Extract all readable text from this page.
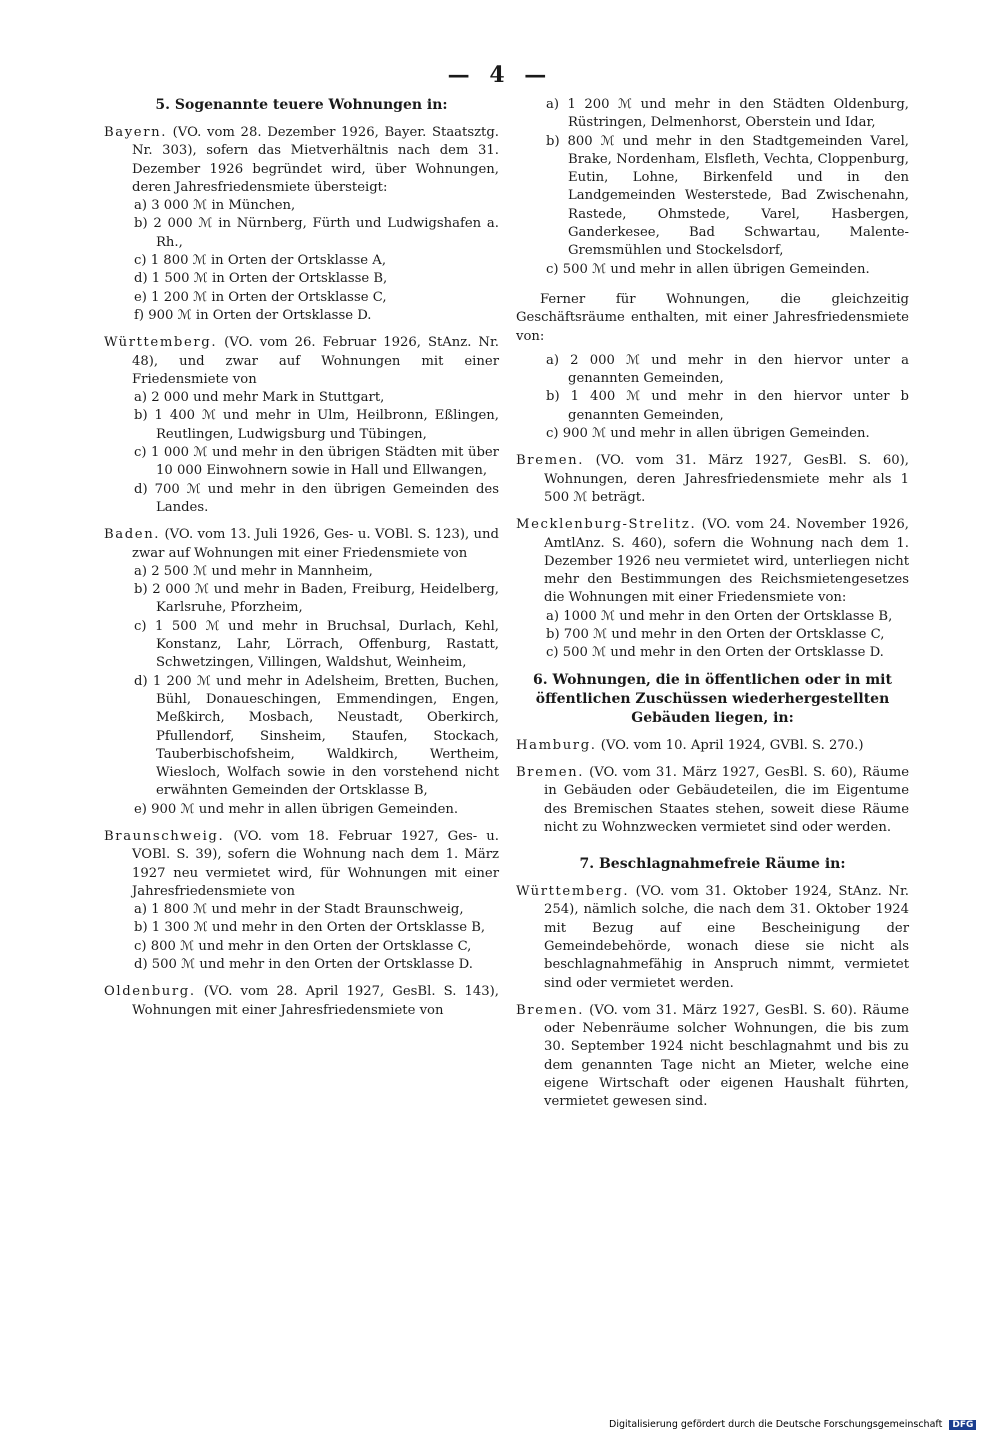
— 4 —
5. Sogenannte teuere Wohnungen in:

Bayern. (VO. vom 28. Dezember 1926, Bayer. Staatsztg. Nr. 303), sofern das Mietverhältnis nach dem 31. Dezember 1926 begründet wird, über Wohnungen, deren Jahresfriedensmiete übersteigt:

a) 3 000 ℳ in München,
b) 2 000 ℳ in Nürnberg, Fürth und Ludwigshafen a. Rh.,
c) 1 800 ℳ in Orten der Ortsklasse A,
d) 1 500 ℳ in Orten der Ortsklasse B,
e) 1 200 ℳ in Orten der Ortsklasse C,
f) 900 ℳ in Orten der Ortsklasse D.

Württemberg. (VO. vom 26. Februar 1926, StAnz. Nr. 48), und zwar auf Wohnungen mit einer Friedensmiete von

a) 2 000 und mehr Mark in Stuttgart,
b) 1 400 ℳ und mehr in Ulm, Heilbronn, Eßlingen, Reutlingen, Ludwigsburg und Tübingen,
c) 1 000 ℳ und mehr in den übrigen Städten mit über 10 000 Einwohnern sowie in Hall und Ellwangen,
d) 700 ℳ und mehr in den übrigen Gemeinden des Landes.

Baden. (VO. vom 13. Juli 1926, Ges- u. VOBl. S. 123), und zwar auf Wohnungen mit einer Friedensmiete von

a) 2 500 ℳ und mehr in Mannheim,
b) 2 000 ℳ und mehr in Baden, Freiburg, Heidelberg, Karlsruhe, Pforzheim,
c) 1 500 ℳ und mehr in Bruchsal, Durlach, Kehl, Konstanz, Lahr, Lörrach, Offenburg, Rastatt, Schwetzingen, Villingen, Waldshut, Weinheim,
d) 1 200 ℳ und mehr in Adelsheim, Bretten, Buchen, Bühl, Donaueschingen, Emmendingen, Engen, Meßkirch, Mosbach, Neustadt, Oberkirch, Pfullendorf, Sinsheim, Staufen, Stockach, Tauberbischofsheim, Waldkirch, Wertheim, Wiesloch, Wolfach sowie in den vorstehend nicht erwähnten Gemeinden der Ortsklasse B,
e) 900 ℳ und mehr in allen übrigen Gemeinden.

Braunschweig. (VO. vom 18. Februar 1927, Ges- u. VOBl. S. 39), sofern die Wohnung nach dem 1. März 1927 neu vermietet wird, für Wohnungen mit einer Jahresfriedensmiete von

a) 1 800 ℳ und mehr in der Stadt Braunschweig,
b) 1 300 ℳ und mehr in den Orten der Ortsklasse B,
c) 800 ℳ und mehr in den Orten der Ortsklasse C,
d) 500 ℳ und mehr in den Orten der Ortsklasse D.

Oldenburg. (VO. vom 28. April 1927, GesBl. S. 143), Wohnungen mit einer Jahresfriedensmiete von

a) 1 200 ℳ und mehr in den Städten Oldenburg, Rüstringen, Delmenhorst, Oberstein und Idar,
b) 800 ℳ und mehr in den Stadtgemeinden Varel, Brake, Nordenham, Elsfleth, Vechta, Cloppenburg, Eutin, Lohne, Birkenfeld und in den Landgemeinden Westerstede, Bad Zwischenahn, Rastede, Ohmstede, Varel, Hasbergen, Ganderkesee, Bad Schwartau, Malente-Gremsmühlen und Stockelsdorf,
c) 500 ℳ und mehr in allen übrigen Gemeinden.

Ferner für Wohnungen, die gleichzeitig Geschäftsräume enthalten, mit einer Jahresfriedensmiete von:

a) 2 000 ℳ und mehr in den hiervor unter a genannten Gemeinden,
b) 1 400 ℳ und mehr in den hiervor unter b genannten Gemeinden,
c) 900 ℳ und mehr in allen übrigen Gemeinden.

Bremen. (VO. vom 31. März 1927, GesBl. S. 60), Wohnungen, deren Jahresfriedensmiete mehr als 1 500 ℳ beträgt.

Mecklenburg-Strelitz. (VO. vom 24. November 1926, AmtlAnz. S. 460), sofern die Wohnung nach dem 1. Dezember 1926 neu vermietet wird, unterliegen nicht mehr den Bestimmungen des Reichsmietengesetzes die Wohnungen mit einer Friedensmiete von:

a) 1000 ℳ und mehr in den Orten der Ortsklasse B,
b) 700 ℳ und mehr in den Orten der Ortsklasse C,
c) 500 ℳ und mehr in den Orten der Ortsklasse D.
6. Wohnungen, die in öffentlichen oder in mit öffentlichen Zuschüssen wiederhergestellten Gebäuden liegen, in:

Hamburg. (VO. vom 10. April 1924, GVBl. S. 270.)

Bremen. (VO. vom 31. März 1927, GesBl. S. 60), Räume in Gebäuden oder Gebäudeteilen, die im Eigentume des Bremischen Staates stehen, soweit diese Räume nicht zu Wohnzwecken vermietet sind oder werden.

7. Beschlagnahmefreie Räume in:

Württemberg. (VO. vom 31. Oktober 1924, StAnz. Nr. 254), nämlich solche, die nach dem 31. Oktober 1924 mit Bezug auf eine Bescheinigung der Gemeindebehörde, wonach diese sie nicht als beschlagnahmefähig in Anspruch nimmt, vermietet sind oder vermietet werden.

Bremen. (VO. vom 31. März 1927, GesBl. S. 60). Räume oder Nebenräume solcher Wohnungen, die bis zum 30. September 1924 nicht beschlagnahmt und bis zu dem genannten Tage nicht an Mieter, welche eine eigene Wirtschaft oder eigenen Haushalt führten, vermietet gewesen sind.

Digitalisierung gefördert durch die Deutsche Forschungsgemeinschaft DFG
